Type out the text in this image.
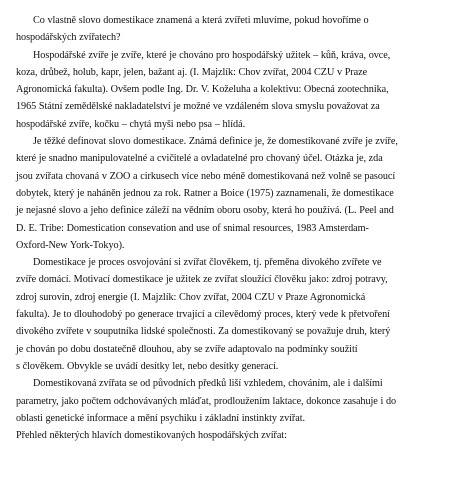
Co vlastně slovo domestikace znamená a která zvířeti mluvíme, pokud hovoříme o
hospodářských zvířatech?

Hospodářské zvíře je zvíře, které je chováno pro hospodářský užitek – kůň, kráva, ovce,
koza, drůbež, holub, kapr, jelen, bažant aj. (I. Majzlík: Chov zvířat, 2004 CZU v Praze
Agronomická fakulta). Ovšem podle Ing. Dr. V. Koželuha a kolektivu: Obecná zootechnika,
1965 Státní zemědělské nakladatelství je možné ve vzdáleném slova smyslu považovat za
hospodářské zvíře, kočku – chytá myši nebo psa – hlídá.

Je těžké definovat slovo domestikace. Známá definice je, že domestikované zvíře je zvíře,
které je snadno manipulovatelné a cvičitelé a ovladatelné pro chovaný účel. Otázka je, zda
jsou zvířata chovaná v ZOO a cirkusech více nebo méně domestikovaná než volně se pasoucí
dobytek, který je naháněn jednou za rok. Ratner a Boice (1975) zaznamenali, že domestikace
je nejasné slovo a jeho definice záleží na vědním oboru osoby, která ho používá. (L. Peel and
D. E. Tribe: Domestication consevation and use of snimal resources, 1983 Amsterdam-
Oxford-New York-Tokyo).

Domestikace je proces osvojování si zvířat člověkem, tj. přeměna divokého zvířete ve
zvíře domácí. Motivací domestikace je užitek ze zvířat sloužící člověku jako: zdroj potravy,
zdroj surovin, zdroj energie (I. Majzlík: Chov zvířat, 2004 CZU v Praze Agronomická
fakulta). Je to dlouhodobý po generace trvající a cílevědomý proces, který vede k přetvoření
divokého zvířete v souputníka lidské společnosti. Za domestikovaný se považuje druh, který
je chován po dobu dostatečně dlouhou, aby se zvíře adaptovalo na podmínky soužití
s člověkem. Obvykle se uvádí desítky let, nebo desítky generací.

Domestikovaná zvířata se od původních předků liší vzhledem, chováním, ale i dalšími
parametry, jako počtem odchovávaných mláďat, prodloužením laktace, dokonce zasahuje i do
oblasti genetické informace a mění psychiku i základní instinkty zvířat.

Přehled některých hlavích domestikovaných hospodářských zvířat:
